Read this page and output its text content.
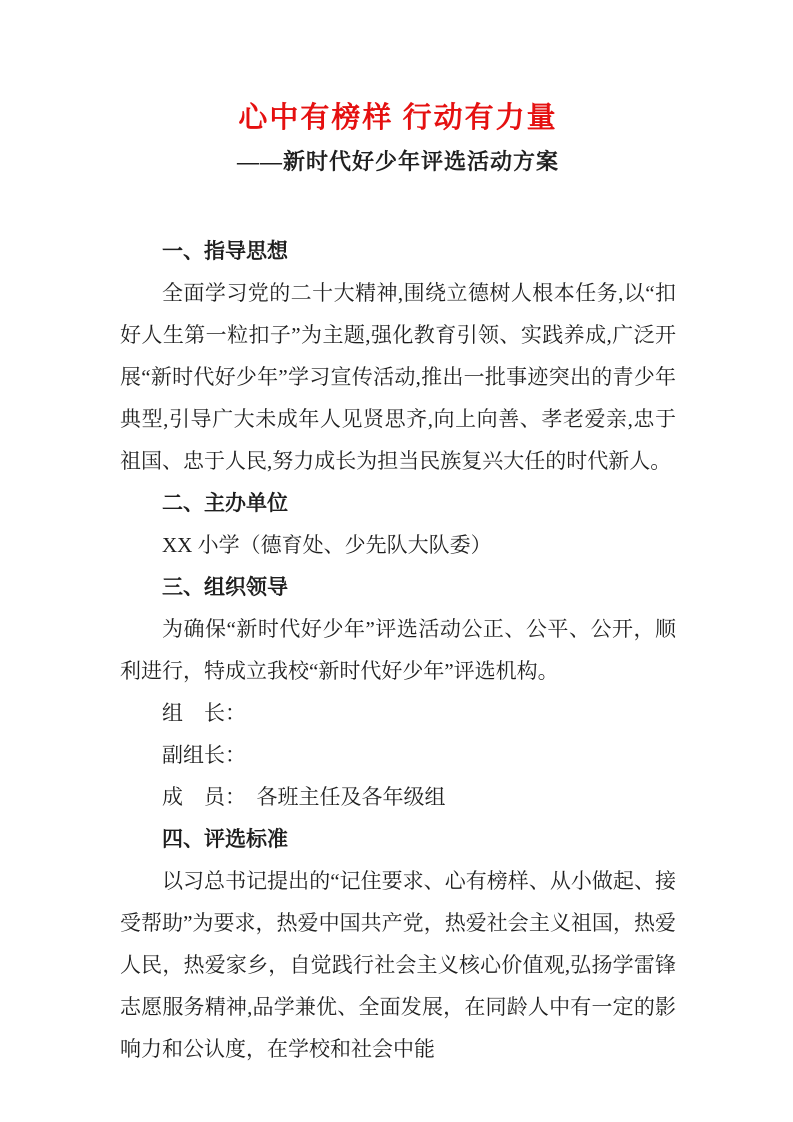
心中有榜样 行动有力量
——新时代好少年评选活动方案
一、指导思想
全面学习党的二十大精神,围绕立德树人根本任务,以“扣好人生第一粒扣子”为主题,强化教育引领、实践养成,广泛开展“新时代好少年”学习宣传活动,推出一批事迹突出的青少年典型,引导广大未成年人见贤思齐,向上向善、孝老爱亲,忠于祖国、忠于人民,努力成长为担当民族复兴大任的时代新人。
二、主办单位
XX 小学（德育处、少先队大队委）
三、组织领导
为确保“新时代好少年”评选活动公正、公平、公开，顺利进行，特成立我校“新时代好少年”评选机构。
组　长：
副组长：
成　员：　各班主任及各年级组
四、评选标准
以习总书记提出的“记住要求、心有榜样、从小做起、接受帮助”为要求，热爱中国共产党，热爱社会主义祖国，热爱人民，热爱家乡，自觉践行社会主义核心价值观,弘扬学雷锋志愿服务精神,品学兼优、全面发展，在同龄人中有一定的影响力和公认度，在学校和社会中能
